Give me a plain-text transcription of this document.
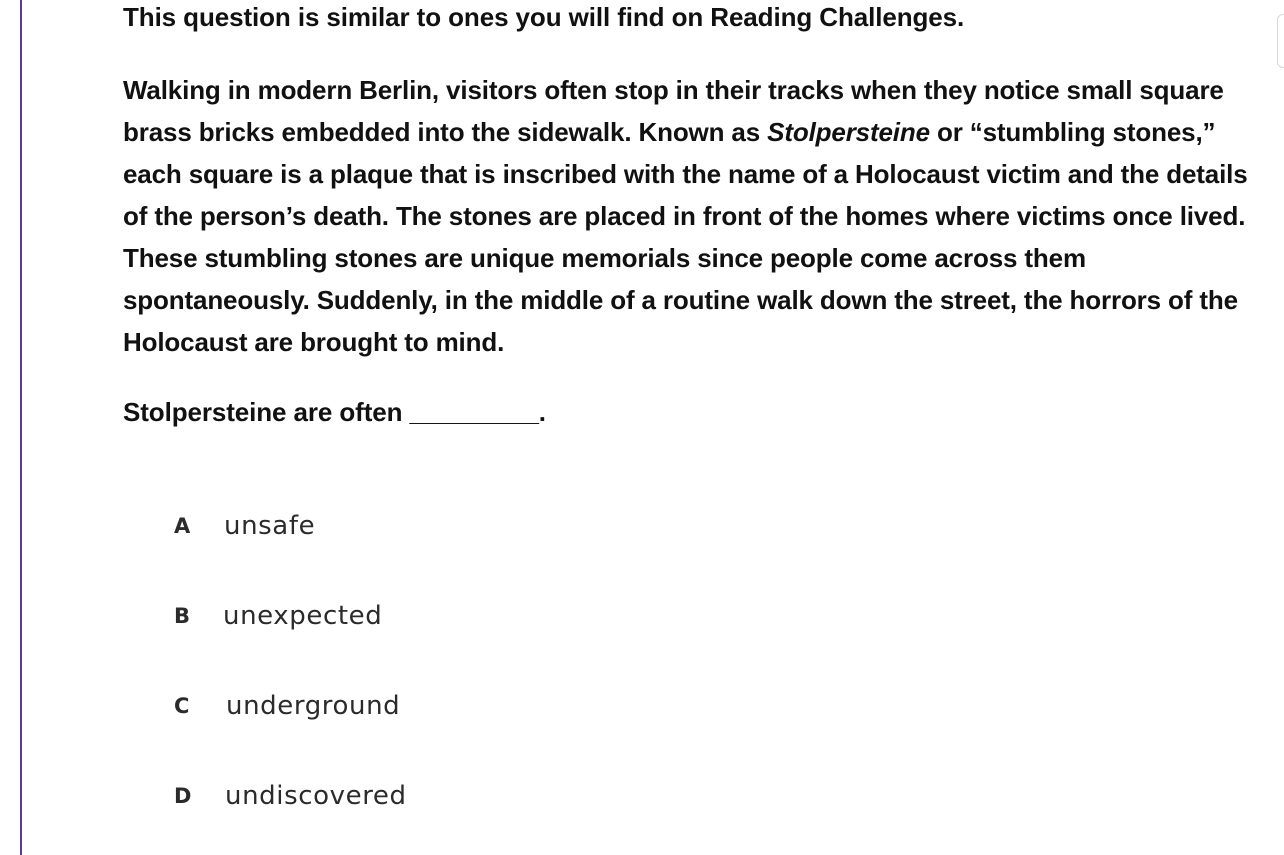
This question is similar to ones you will find on Reading Challenges.

Walking in modern Berlin, visitors often stop in their tracks when they notice small square brass bricks embedded into the sidewalk. Known as Stolpersteine or “stumbling stones,” each square is a plaque that is inscribed with the name of a Holocaust victim and the details of the person’s death. The stones are placed in front of the homes where victims once lived. These stumbling stones are unique memorials since people come across them spontaneously. Suddenly, in the middle of a routine walk down the street, the horrors of the Holocaust are brought to mind.

Stolpersteine are often _________.

A	unsafe
B	unexpected
C	underground
D	undiscovered
